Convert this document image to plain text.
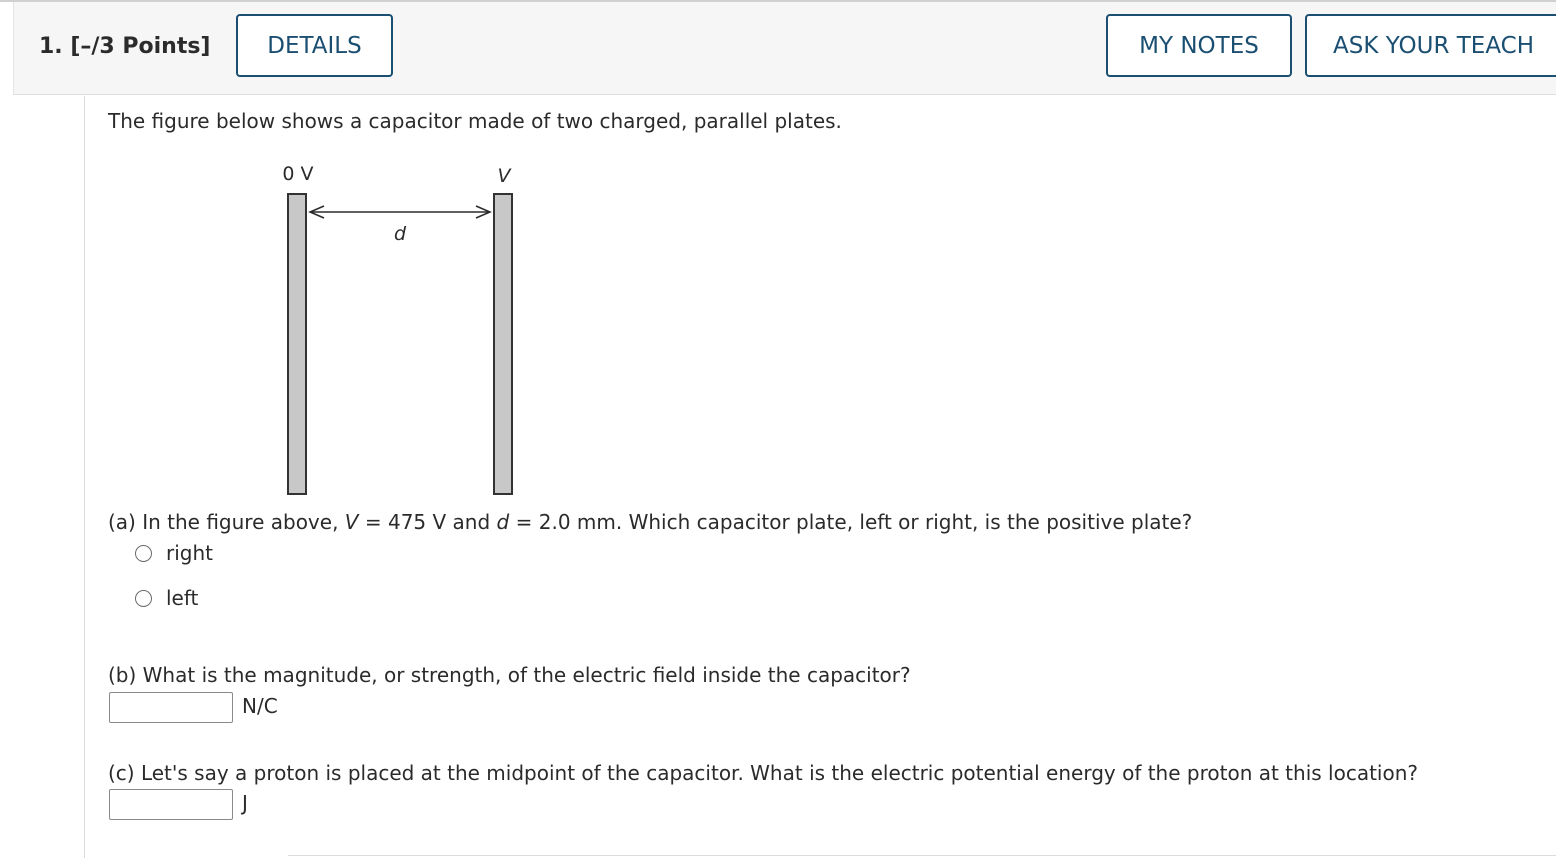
1. [–/3 Points]	DETAILS	MY NOTES	ASK YOUR TEACH
The figure below shows a capacitor made of two charged, parallel plates.
0 V	V
d
(a) In the figure above, V = 475 V and d = 2.0 mm. Which capacitor plate, left or right, is the positive plate?
right
left
(b) What is the magnitude, or strength, of the electric field inside the capacitor?
N/C
(c) Let's say a proton is placed at the midpoint of the capacitor. What is the electric potential energy of the proton at this location?
J
